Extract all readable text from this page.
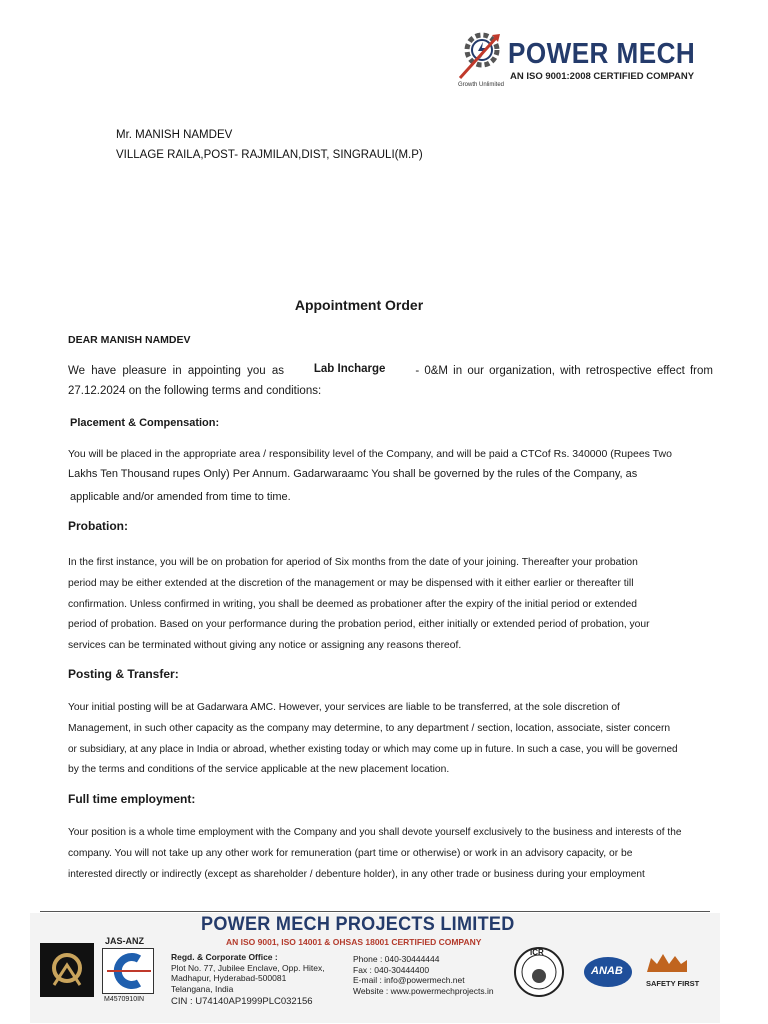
POWER MECH
AN ISO 9001:2008 CERTIFIED COMPANY
Growth Unlimited
Mr. MANISH NAMDEV
VILLAGE RAILA,POST- RAJMILAN,DIST, SINGRAULI(M.P)
Appointment Order
DEAR MANISH NAMDEV
We have pleasure in appointing you as	Lab Incharge	- 0&M in our organization, with retrospective effect from
27.12.2024 on the following terms and conditions:
Placement & Compensation:
You will be placed in the appropriate area / responsibility level of the Company, and will be paid a CTCof Rs. 340000 (Rupees Two
Lakhs Ten Thousand rupes Only) Per Annum. Gadarwaraamc You shall be governed by the rules of the Company, as
applicable and/or amended from time to time.
Probation:
In the first instance, you will be on probation for aperiod of Six months from the date of your joining. Thereafter your probation
period may be either extended at the discretion of the management or may be dispensed with it either earlier or thereafter till
confirmation. Unless confirmed in writing, you shall be deemed as probationer after the expiry of the initial period or extended
period of probation. Based on your performance during the probation period, either initially or extended period of probation, your
services can be terminated without giving any notice or assigning any reasons thereof.
Posting & Transfer:
Your initial posting will be at Gadarwara AMC. However, your services are liable to be transferred, at the sole discretion of
Management, in such other capacity as the company may determine, to any department / section, location, associate, sister concern
or subsidiary, at any place in India or abroad, whether existing today or which may come up in future. In such a case, you will be governed
by the terms and conditions of the service applicable at the new placement location.
Full time employment:
Your position is a whole time employment with the Company and you shall devote yourself exclusively to the business and interests of the
company. You will not take up any other work for remuneration (part time or otherwise) or work in an advisory capacity, or be
interested directly or indirectly (except as shareholder / debenture holder), in any other trade or business during your employment
POWER MECH PROJECTS LIMITED
AN ISO 9001, ISO 14001 & OHSAS 18001 CERTIFIED COMPANY
JAS-ANZ
M4570910IN
Regd. & Corporate Office :
Plot No. 77, Jubilee Enclave, Opp. Hitex,
Madhapur, Hyderabad-500081
Telangana, India
CIN : U74140AP1999PLC032156
Phone : 040-30444444
Fax : 040-30444400
E-mail : info@powermech.net
Website : www.powermechprojects.in
ICR
ANAB
SAFETY FIRST
